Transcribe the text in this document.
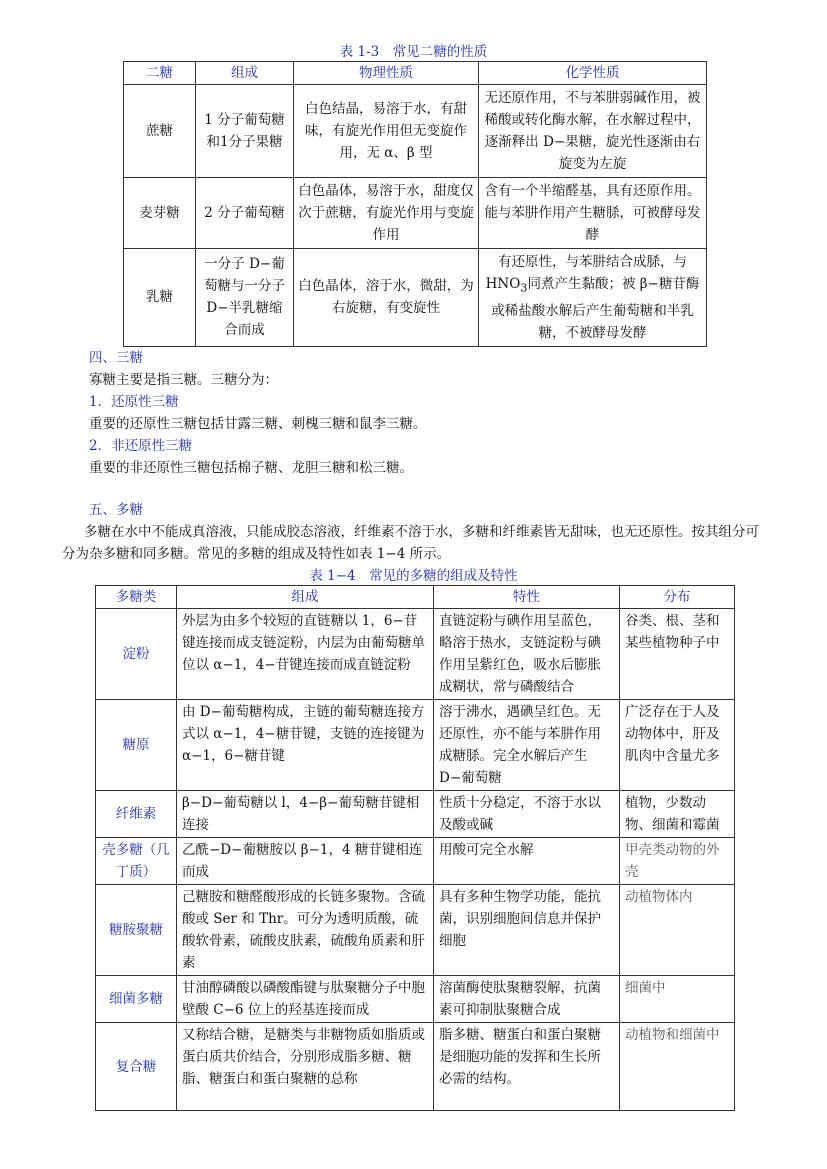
表 1-3　常见二糖的性质
二糖	组成	物理性质	化学性质
蔗糖	1 分子葡萄糖和1分子果糖	白色结晶，易溶于水，有甜味，有旋光作用但无变旋作用，无 α、β 型	无还原作用，不与苯肼弱碱作用，被稀酸或转化酶水解，在水解过程中，逐渐释出 D−果糖，旋光性逐渐由右旋变为左旋
麦芽糖	2 分子葡萄糖	白色晶体，易溶于水，甜度仅次于蔗糖，有旋光作用与变旋作用	含有一个半缩醛基，具有还原作用。能与苯肼作用产生糖脎，可被酵母发酵
乳糖	一分子 D−葡萄糖与一分子 D−半乳糖缩合而成	白色晶体，溶于水，微甜，为右旋糖，有变旋性	有还原性，与苯肼结合成脎，与$HNO_3$同煮产生黏酸；被 β−糖苷酶或稀盐酸水解后产生葡萄糖和半乳糖，不被酵母发酵
四、三糖
寡糖主要是指三糖。三糖分为：
1．还原性三糖
重要的还原性三糖包括甘露三糖、刺槐三糖和鼠李三糖。
2．非还原性三糖
重要的非还原性三糖包括棉子糖、龙胆三糖和松三糖。
五、多糖
多糖在水中不能成真溶液，只能成胶态溶液，纤维素不溶于水，多糖和纤维素皆无甜味，也无还原性。按其组分可分为杂多糖和同多糖。常见的多糖的组成及特性如表 1−4 所示。
表 1−4　常见的多糖的组成及特性
多糖类	组成	特性	分布
淀粉	外层为由多个较短的直链糖以 1，6−苷键连接而成支链淀粉，内层为由葡萄糖单位以 α−1，4−苷键连接而成直链淀粉	直链淀粉与碘作用呈蓝色，略溶于热水，支链淀粉与碘作用呈紫红色，吸水后膨胀成糊状，常与磷酸结合	谷类、根、茎和某些植物种子中
糖原	由 D−葡萄糖构成，主链的葡萄糖连接方式以 α−1，4−糖苷键，支链的连接键为 α−1，6−糖苷键	溶于沸水，遇碘呈红色。无还原性，亦不能与苯肼作用成糖脎。完全水解后产生 D−葡萄糖	广泛存在于人及动物体中，肝及肌肉中含量尤多
纤维素	β−D−葡萄糖以 l，4−β−葡萄糖苷键相连接	性质十分稳定，不溶于水以及酸或碱	植物，少数动物、细菌和霉菌
壳多糖（几丁质）	乙酰−D−葡糖胺以 β−1，4 糖苷键相连而成	用酸可完全水解	甲壳类动物的外壳
糖胺聚糖	己糖胺和糖醛酸形成的长链多聚物。含硫酸或 Ser 和 Thr。可分为透明质酸，硫酸软骨素，硫酸皮肤素，硫酸角质素和肝素	具有多种生物学功能，能抗菌，识别细胞间信息并保护细胞	动植物体内
细菌多糖	甘油醇磷酸以磷酸酯键与肽聚糖分子中胞壁酸 C−6 位上的羟基连接而成	溶菌酶使肽聚糖裂解，抗菌素可抑制肽聚糖合成	细菌中
复合糖	又称结合糖，是糖类与非糖物质如脂质或蛋白质共价结合，分别形成脂多糖、糖脂、糖蛋白和蛋白聚糖的总称	脂多糖、糖蛋白和蛋白聚糖是细胞功能的发挥和生长所必需的结构。	动植物和细菌中
